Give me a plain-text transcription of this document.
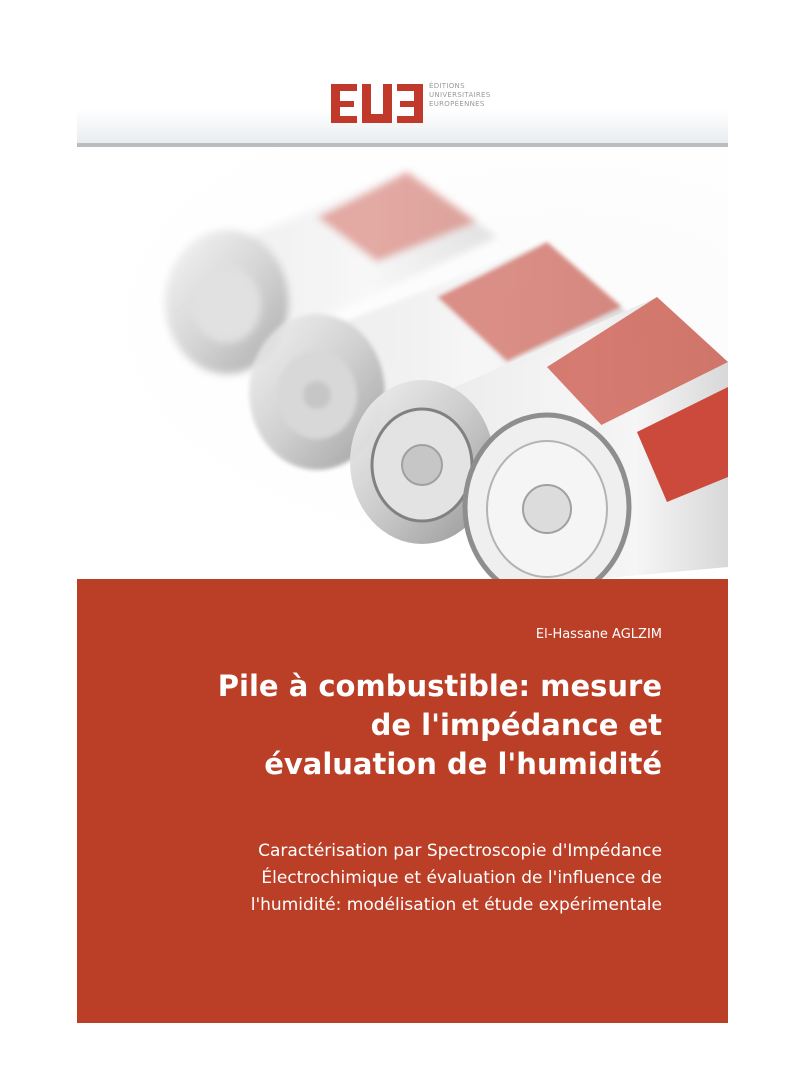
ÉDITIONS
UNIVERSITAIRES
EUROPÉENNES
El-Hassane AGLZIM
Pile à combustible: mesure
de l'impédance et
évaluation de l'humidité
Caractérisation par Spectroscopie d'Impédance
Électrochimique et évaluation de l'influence de
l'humidité: modélisation et étude expérimentale
